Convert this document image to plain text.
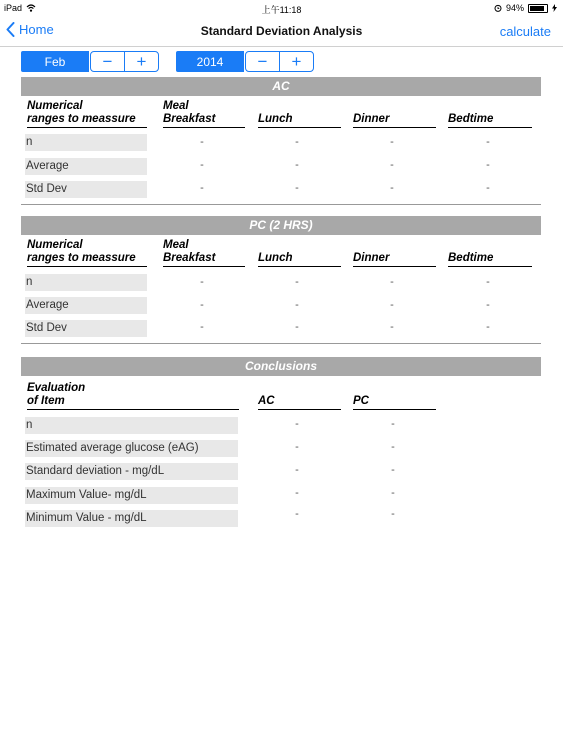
iPad	上午11:18	94%
Home	Standard Deviation Analysis	calculate
Feb	−	+	2014	−	+
AC
Numerical
ranges to meassure
Meal
Breakfast	Lunch	Dinner	Bedtime
n	-	-	-	-
Average	-	-	-	-
Std Dev	-	-	-	-
PC (2 HRS)
Numerical
ranges to meassure
Meal
Breakfast	Lunch	Dinner	Bedtime
n	-	-	-	-
Average	-	-	-	-
Std Dev	-	-	-	-
Conclusions
Evaluation
of Item	AC	PC
n	-	-
Estimated average glucose (eAG)	-	-
Standard deviation - mg/dL	-	-
Maximum Value- mg/dL	-	-
Minimum Value - mg/dL	-	-
